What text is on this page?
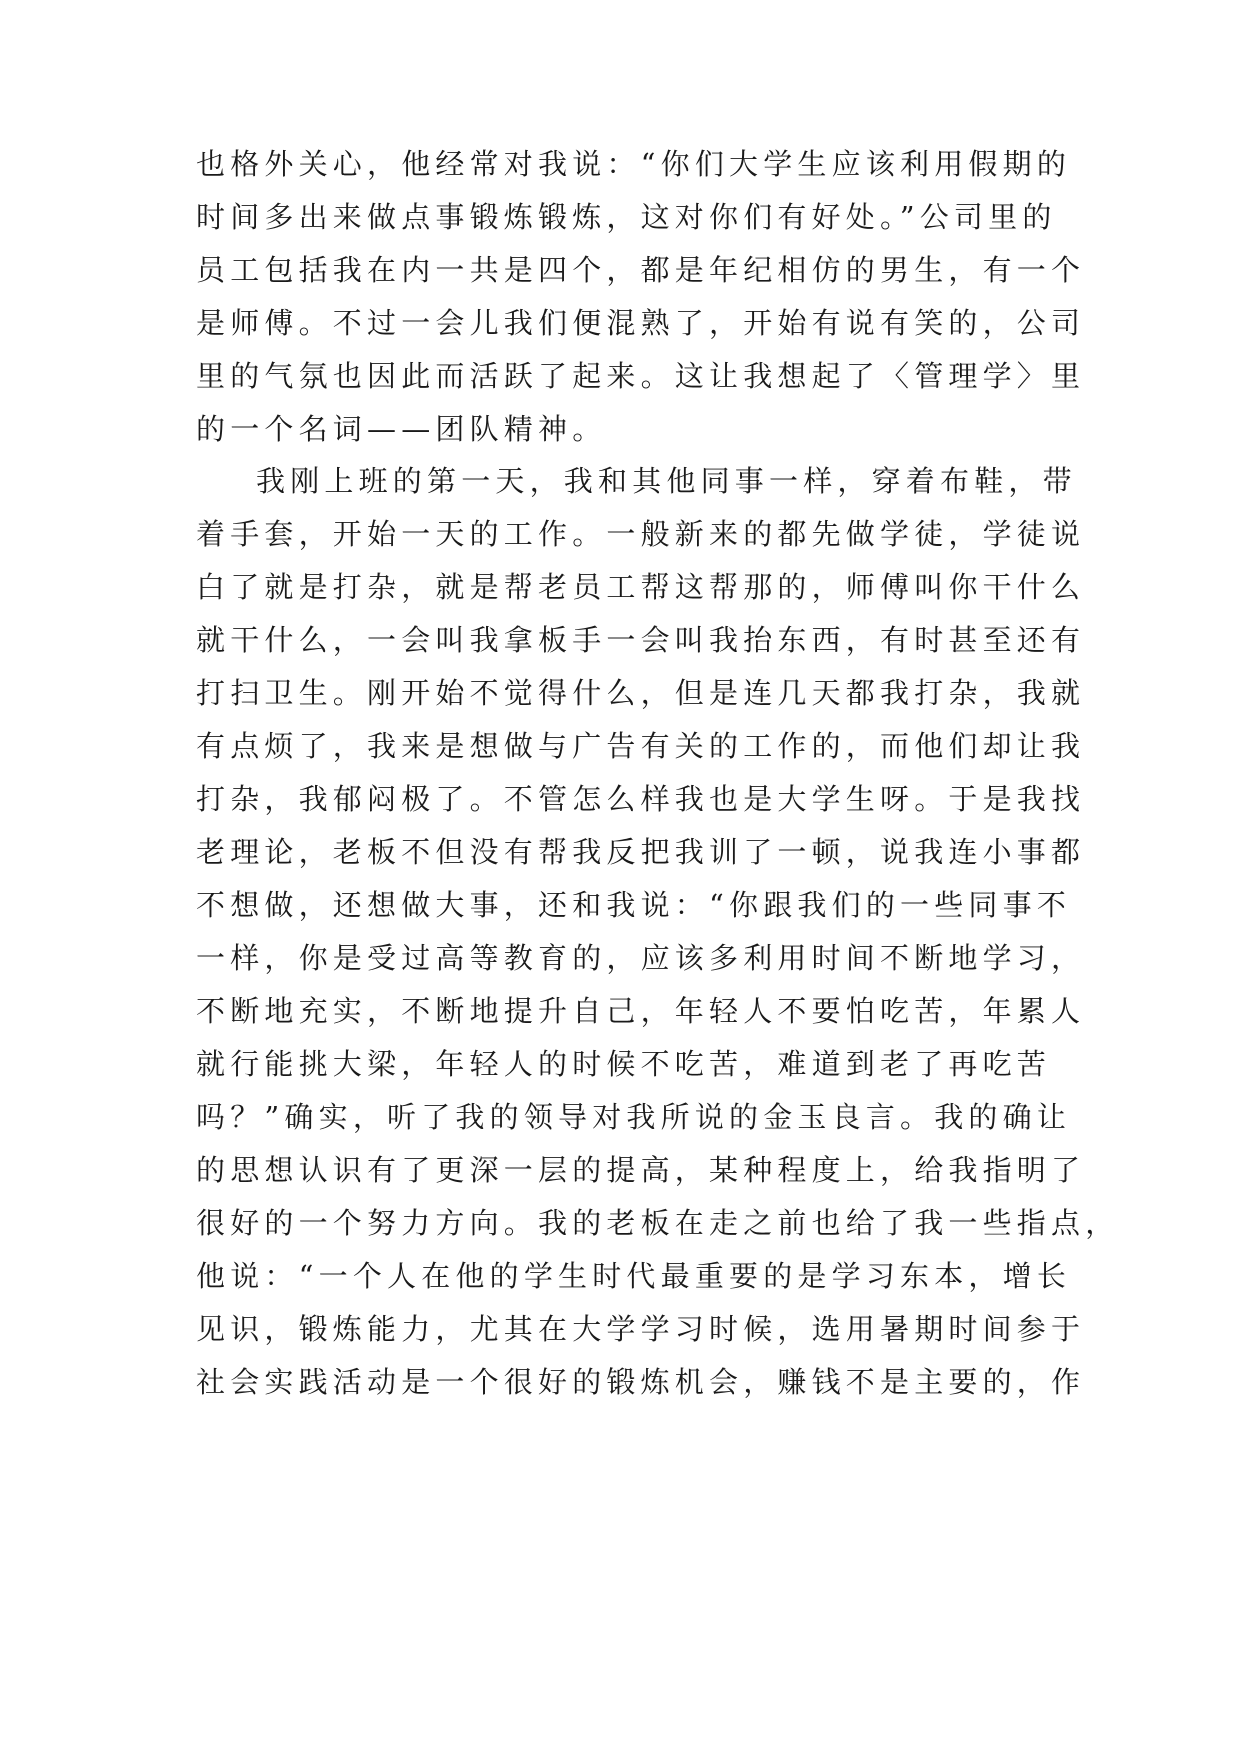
也格外关心，他经常对我说：“你们大学生应该利用假期的
时间多出来做点事锻炼锻炼，这对你们有好处。”公司里的
员工包括我在内一共是四个，都是年纪相仿的男生，有一个
是师傅。不过一会儿我们便混熟了，开始有说有笑的，公司
里的气氛也因此而活跃了起来。这让我想起了〈管理学〉里
的一个名词——团队精神。
我刚上班的第一天，我和其他同事一样，穿着布鞋，带
着手套，开始一天的工作。一般新来的都先做学徒，学徒说
白了就是打杂，就是帮老员工帮这帮那的，师傅叫你干什么
就干什么，一会叫我拿板手一会叫我抬东西，有时甚至还有
打扫卫生。刚开始不觉得什么，但是连几天都我打杂，我就
有点烦了，我来是想做与广告有关的工作的，而他们却让我
打杂，我郁闷极了。不管怎么样我也是大学生呀。于是我找
老理论，老板不但没有帮我反把我训了一顿，说我连小事都
不想做，还想做大事，还和我说：“你跟我们的一些同事不
一样，你是受过高等教育的，应该多利用时间不断地学习，
不断地充实，不断地提升自己，年轻人不要怕吃苦，年累人
就行能挑大梁，年轻人的时候不吃苦，难道到老了再吃苦
吗？”确实，听了我的领导对我所说的金玉良言。我的确让
的思想认识有了更深一层的提高，某种程度上，给我指明了
很好的一个努力方向。我的老板在走之前也给了我一些指点，
他说：“一个人在他的学生时代最重要的是学习东本，增长
见识，锻炼能力，尤其在大学学习时候，选用暑期时间参于
社会实践活动是一个很好的锻炼机会，赚钱不是主要的，作
